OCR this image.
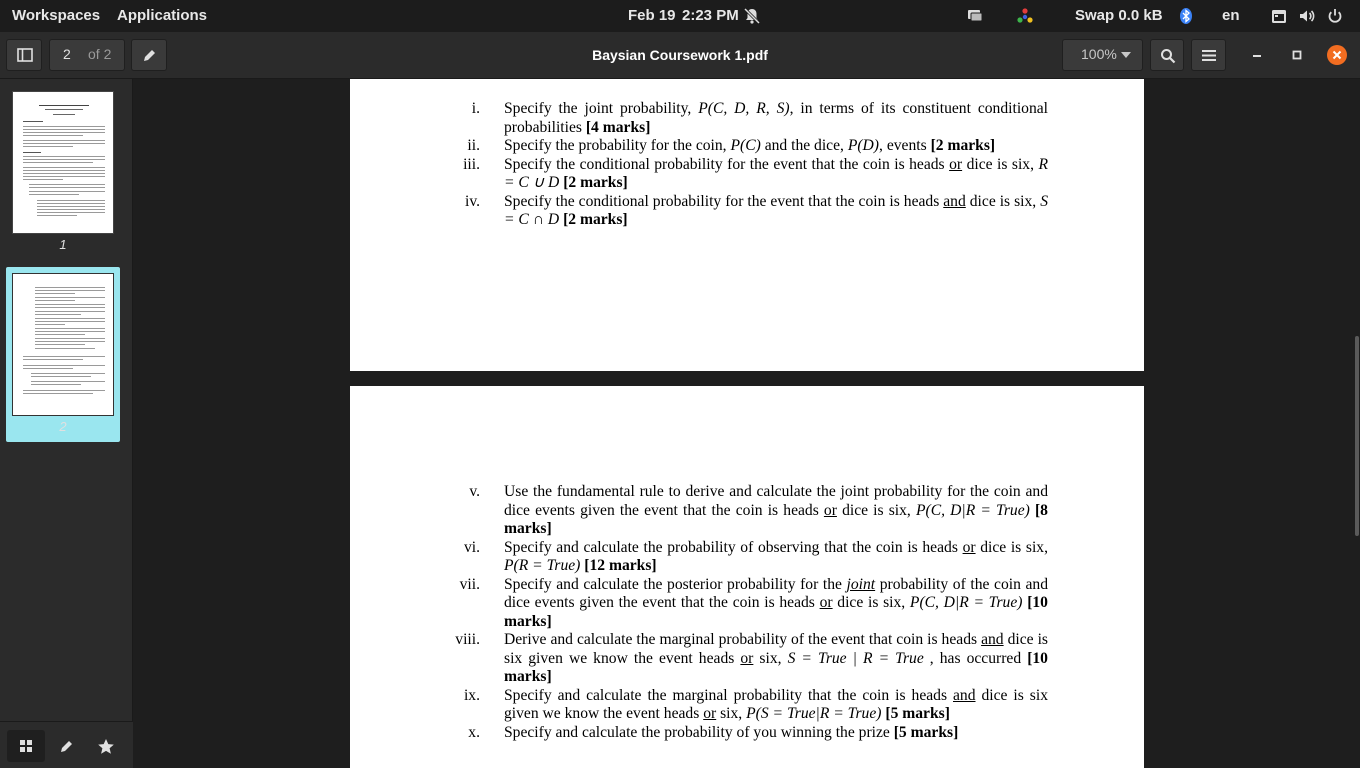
Workspaces Applications	Feb 19 2:23 PM	Swap 0.0 kB	en
2 of 2	Baysian Coursework 1.pdf	100%
1
2
i.	Specify the joint probability, P(C, D, R, S), in terms of its constituent conditional probabilities [4 marks]
ii.	Specify the probability for the coin, P(C) and the dice, P(D), events [2 marks]
iii.	Specify the conditional probability for the event that the coin is heads or dice is six, R = C ∪ D [2 marks]
iv.	Specify the conditional probability for the event that the coin is heads and dice is six, S = C ∩ D [2 marks]
v.	Use the fundamental rule to derive and calculate the joint probability for the coin and dice events given the event that the coin is heads or dice is six, P(C, D|R = True) [8 marks]
vi.	Specify and calculate the probability of observing that the coin is heads or dice is six, P(R = True) [12 marks]
vii.	Specify and calculate the posterior probability for the joint probability of the coin and dice events given the event that the coin is heads or dice is six, P(C, D|R = True) [10 marks]
viii.	Derive and calculate the marginal probability of the event that coin is heads and dice is six given we know the event heads or six, S = True | R = True , has occurred [10 marks]
ix.	Specify and calculate the marginal probability that the coin is heads and dice is six given we know the event heads or six, P(S = True|R = True) [5 marks]
x.	Specify and calculate the probability of you winning the prize [5 marks]
